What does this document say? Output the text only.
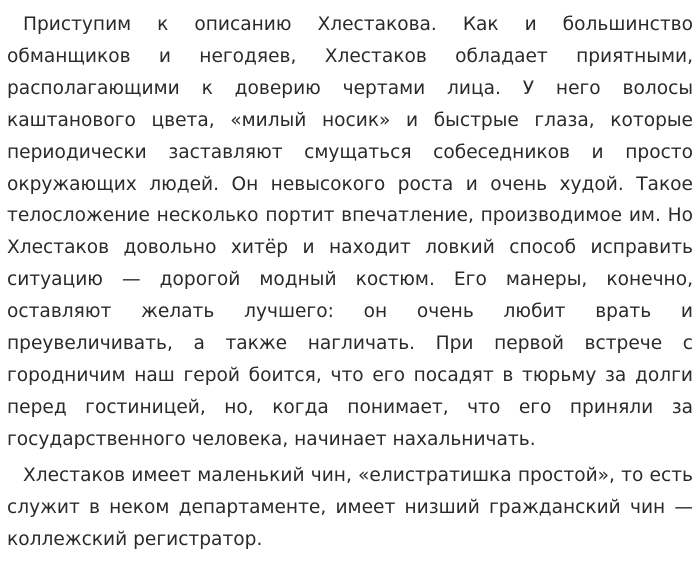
Приступим к описанию Хлестакова. Как и большинство обманщиков и негодяев, Хлестаков обладает приятными, располагающими к доверию чертами лица. У него волосы каштанового цвета, «милый носик» и быстрые глаза, которые периодически заставляют смущаться собеседников и просто окружающих людей. Он невысокого роста и очень худой. Такое телосложение несколько портит впечатление, производимое им. Но Хлестаков довольно хитёр и находит ловкий способ исправить ситуацию — дорогой модный костюм. Его манеры, конечно, оставляют желать лучшего: он очень любит врать и преувеличивать, а также нагличать. При первой встрече с городничим наш герой боится, что его посадят в тюрьму за долги перед гостиницей, но, когда понимает, что его приняли за государственного человека, начинает нахальничать.

Хлестаков имеет маленький чин, «елистратишка простой», то есть служит в неком департаменте, имеет низший гражданский чин — коллежский регистратор.
